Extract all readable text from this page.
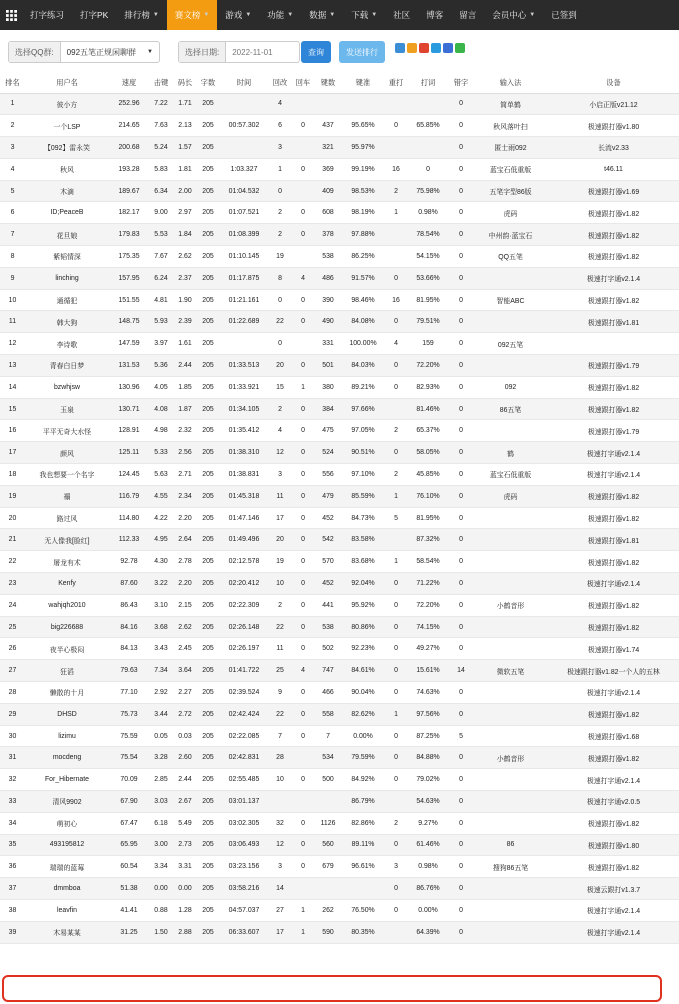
打字练习 打字PK 排行榜 ▼ 赛文榜 ▼ 游戏 ▼ 功能 ▼ 数据 ▼ 下载 ▼ 社区 博客 留言 会员中心 ▼ 已签到
选择QQ群:	092五笔正规闲聊群 ▼	选择日期:	2022-11-01	查询	发送排行
排名	用户名	速度	击键	码长	字数	时间	回改	回车	键数	键准	重打	打词	错字	输入法	设备
1	彼小方	252.96	7.22	1.71	205		4						0	简单鹤	小启正版v21.12
2	一个LSP	214.65	7.63	2.13	205	00:57.302	6	0	437	95.65%	0	65.85%	0	秋风落叶扫	极速跟打器v1.80
3	【092】雷永笑	200.68	5.24	1.57	205		3		321	95.97%			0	匿士雨092	长流v2.33
4	秋风	193.28	5.83	1.81	205	1:03.327	1	0	369	99.19%	16	0	0	蓝宝石低重版	t46.11
5	木滴	189.67	6.34	2.00	205	01:04.532	0		409	98.53%	2	75.98%	0	五笔字型86版	极速跟打器v1.69
6	ID;PeaceB	182.17	9.00	2.97	205	01:07.521	2	0	608	98.19%	1	0.98%	0	虎码	极速跟打器v1.82
7	花旦娘	179.83	5.53	1.84	205	01:08.399	2	0	378	97.88%		78.54%	0	中州韵·蓝宝石	极速跟打器v1.82
8	紫韬情深	175.35	7.67	2.62	205	01:10.145	19		538	86.25%		54.15%	0	QQ五笔	极速跟打器v1.82
9	linching	157.95	6.24	2.37	205	01:17.875	8	4	486	91.57%	0	53.66%	0		极速打字通v2.1.4
10	通循犯	151.55	4.81	1.90	205	01:21.161	0	0	390	98.46%	16	81.95%	0	智能ABC	极速跟打器v1.82
11	韩大狗	148.75	5.93	2.39	205	01:22.689	22	0	490	84.08%	0	79.51%	0		极速跟打器v1.81
12	李诗歌	147.59	3.97	1.61	205		0		331	100.00%	4	159	0	092五笔	
13	青春白日梦	131.53	5.36	2.44	205	01:33.513	20	0	501	84.03%	0	72.20%	0		极速跟打器v1.79
14	bzwhjsw	130.96	4.05	1.85	205	01:33.921	15	1	380	89.21%	0	82.93%	0	092	极速跟打器v1.82
15	玉泉	130.71	4.08	1.87	205	01:34.105	2	0	384	97.66%		81.46%	0	86五笔	极速跟打器v1.82
16	平平无奇大水怪	128.91	4.98	2.32	205	01:35.412	4	0	475	97.05%	2	65.37%	0		极速跟打器v1.79
17	颜风	125.11	5.33	2.56	205	01:38.310	12	0	524	90.51%	0	58.05%	0	鹤	极速打字通v2.1.4
18	我也想要一个名字	124.45	5.63	2.71	205	01:38.831	3	0	556	97.10%	2	45.85%	0	蓝宝石低重版	极速打字通v2.1.4
19	禤	116.79	4.55	2.34	205	01:45.318	11	0	479	85.59%	1	76.10%	0	虎码	极速跟打器v1.82
20	路过风	114.80	4.22	2.20	205	01:47.146	17	0	452	84.73%	5	81.95%	0		极速跟打器v1.82
21	无人像我[脸红]	112.33	4.95	2.64	205	01:49.496	20	0	542	83.58%		87.32%	0		极速跟打器v1.81
22	屠龙有术	92.78	4.30	2.78	205	02:12.578	19	0	570	83.68%	1	58.54%	0		极速跟打器v1.82
23	Kenfy	87.60	3.22	2.20	205	02:20.412	10	0	452	92.04%	0	71.22%	0		极速打字通v2.1.4
24	wahjqh2010	86.43	3.10	2.15	205	02:22.309	2	0	441	95.92%	0	72.20%	0	小鹤音形	极速跟打器v1.82
25	big226688	84.16	3.68	2.62	205	02:26.148	22	0	538	80.86%	0	74.15%	0		极速跟打器v1.82
26	夜半心极闷	84.13	3.43	2.45	205	02:26.197	11	0	502	92.23%	0	49.27%	0		极速跟打器v1.74
27	狂滔	79.63	7.34	3.64	205	01:41.722	25	4	747	84.61%	0	15.61%	14	微软五笔	极速跟打器v1.82一个人的五林
28	懒散的十月	77.10	2.92	2.27	205	02:39.524	9	0	466	90.04%	0	74.63%	0		极速打字通v2.1.4
29	DHSD	75.73	3.44	2.72	205	02:42.424	22	0	558	82.62%	1	97.56%	0		极速跟打器v1.82
30	lizimu	75.59	0.05	0.03	205	02:22.085	7	0	7	0.00%	0	87.25%	5		极速跟打器v1.68
31	mocdeng	75.54	3.28	2.60	205	02:42.831	28		534	79.59%	0	84.88%	0	小鹤音形	极速跟打器v1.82
32	For_Hibernate	70.09	2.85	2.44	205	02:55.485	10	0	500	84.92%	0	79.02%	0		极速打字通v2.1.4
33	清风9902	67.90	3.03	2.67	205	03:01.137				86.79%		54.63%	0		极速打字通v2.0.5
34	萌初心	67.47	6.18	5.49	205	03:02.305	32	0	1126	82.86%	2	9.27%	0		极速跟打器v1.82
35	493195812	65.95	3.00	2.73	205	03:06.493	12	0	560	89.11%	0	61.46%	0	86	极速跟打器v1.80
36	瑞瑞的蓝莓	60.54	3.34	3.31	205	03:23.156	3	0	679	96.61%	3	0.98%	0	搜狗86五笔	极速跟打器v1.82
37	dmmboa	51.38	0.00	0.00	205	03:58.216	14				0	86.76%	0		极速云跟打v1.3.7
38	leavfin	41.41	0.88	1.28	205	04:57.037	27	1	262	76.50%	0	0.00%	0		极速打字通v2.1.4
39	木易某某	31.25	1.50	2.88	205	06:33.607	17	1	590	80.35%		64.39%	0		极速打字通v2.1.4
